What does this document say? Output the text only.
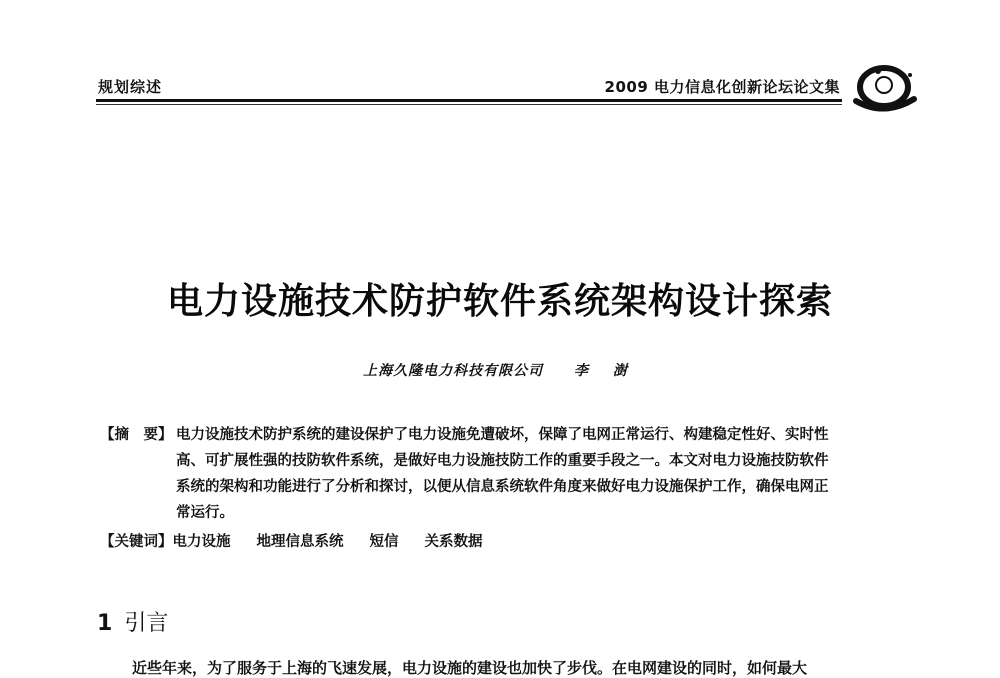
规划综述	2009 电力信息化创新论坛论文集
电力设施技术防护软件系统架构设计探索
上海久隆电力科技有限公司 李 澍
【摘　要】 电力设施技术防护系统的建设保护了电力设施免遭破坏，保障了电网正常运行、构建稳定性好、实时性高、可扩展性强的技防软件系统，是做好电力设施技防工作的重要手段之一。本文对电力设施技防软件系统的架构和功能进行了分析和探讨，以便从信息系统软件角度来做好电力设施保护工作，确保电网正常运行。
【关键词】电力设施 地理信息系统 短信 关系数据
1 引言
近些年来，为了服务于上海的飞速发展，电力设施的建设也加快了步伐。在电网建设的同时，如何最大
